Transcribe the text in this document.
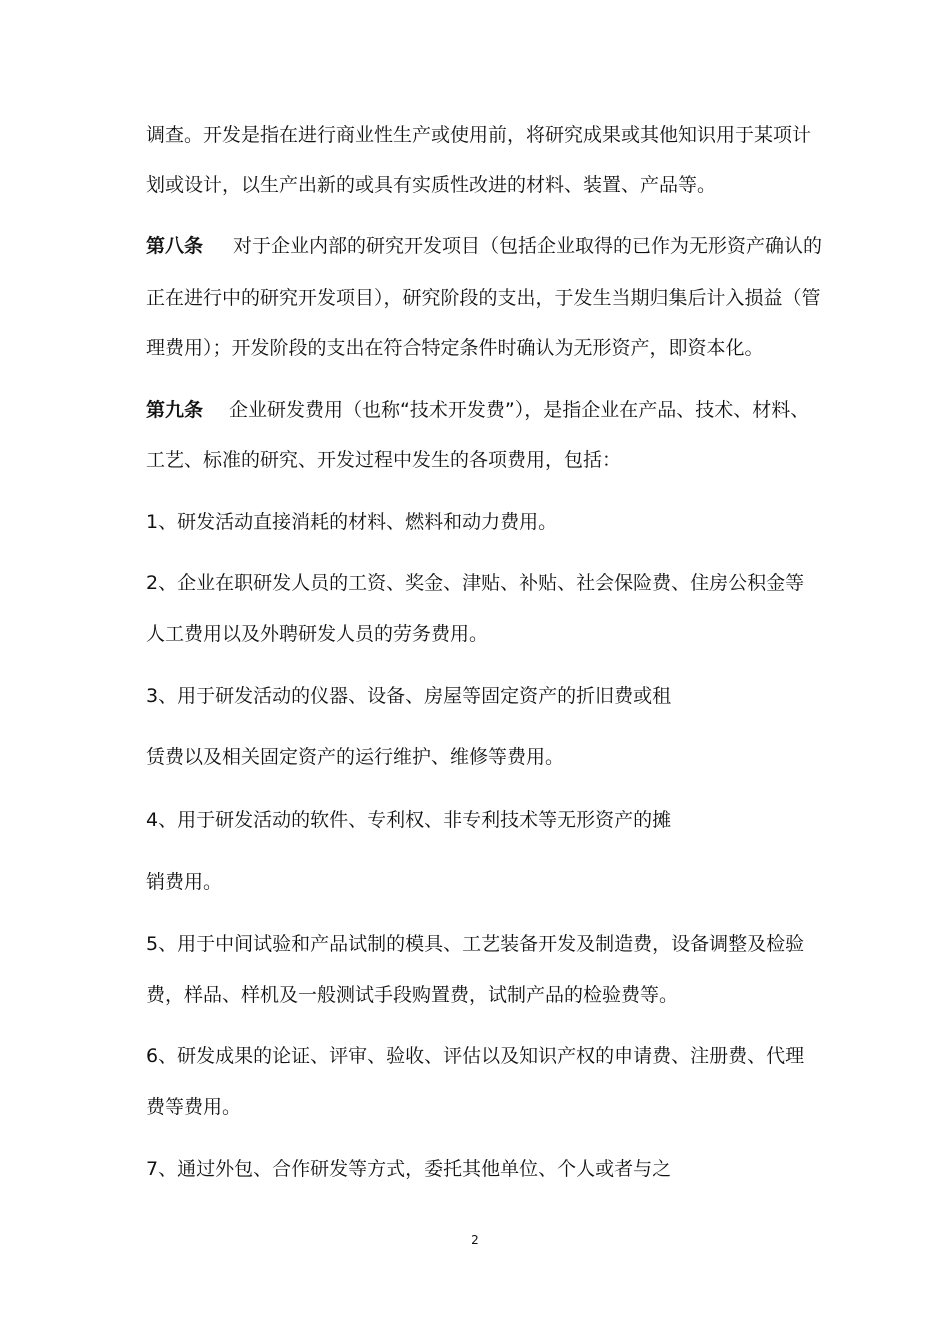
调查。开发是指在进行商业性生产或使用前，将研究成果或其他知识用于某项计
划或设计，以生产出新的或具有实质性改进的材料、装置、产品等。
第八条 对于企业内部的研究开发项目（包括企业取得的已作为无形资产确认的
正在进行中的研究开发项目），研究阶段的支出，于发生当期归集后计入损益（管
理费用）；开发阶段的支出在符合特定条件时确认为无形资产，即资本化。
第九条 企业研发费用（也称“技术开发费”），是指企业在产品、技术、材料、
工艺、标准的研究、开发过程中发生的各项费用，包括：
1、研发活动直接消耗的材料、燃料和动力费用。
2、企业在职研发人员的工资、奖金、津贴、补贴、社会保险费、住房公积金等
人工费用以及外聘研发人员的劳务费用。
3、用于研发活动的仪器、设备、房屋等固定资产的折旧费或租
赁费以及相关固定资产的运行维护、维修等费用。
4、用于研发活动的软件、专利权、非专利技术等无形资产的摊
销费用。
5、用于中间试验和产品试制的模具、工艺装备开发及制造费，设备调整及检验
费，样品、样机及一般测试手段购置费，试制产品的检验费等。
6、研发成果的论证、评审、验收、评估以及知识产权的申请费、注册费、代理
费等费用。
7、通过外包、合作研发等方式，委托其他单位、个人或者与之
2
